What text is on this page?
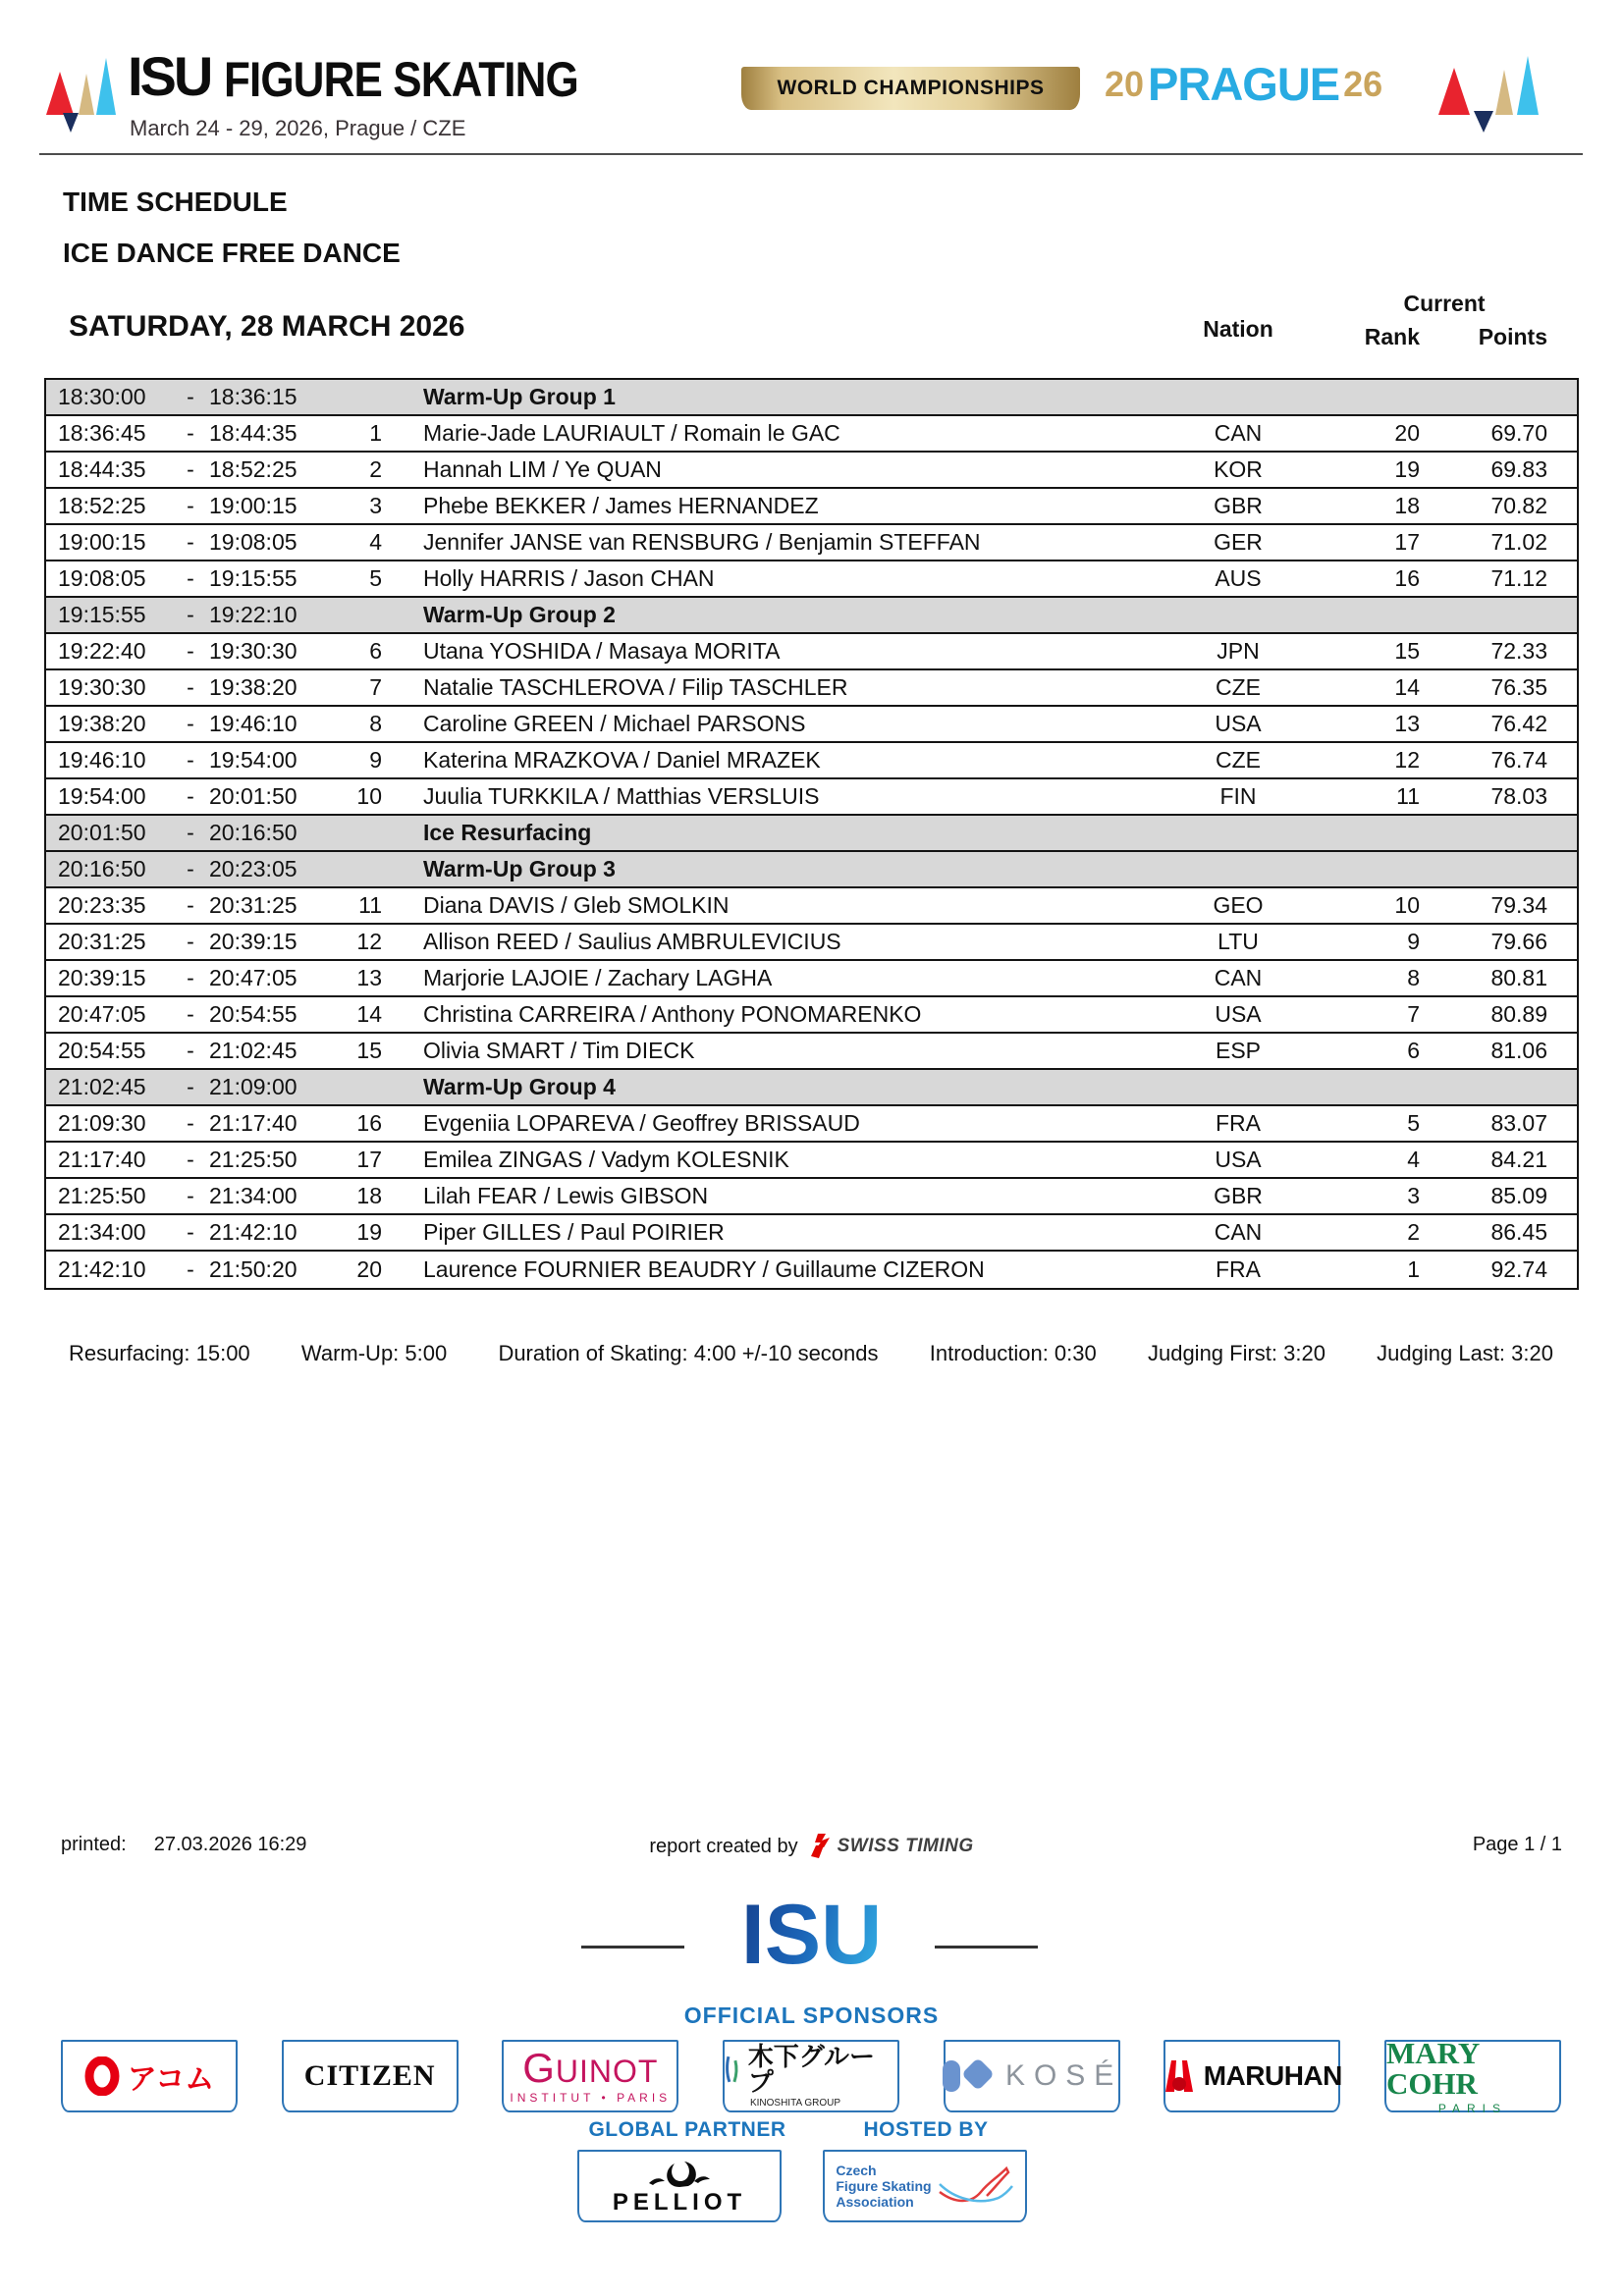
ISU FIGURE SKATING
March 24 - 29, 2026, Prague / CZE
WORLD CHAMPIONSHIPS 20 PRAGUE 26
TIME SCHEDULE
ICE DANCE FREE DANCE
SATURDAY, 28 MARCH 2026	Nation
Current
Rank	Points
18:30:00	- 18:36:15	Warm-Up Group 1
18:36:45	- 18:44:35	1	Marie-Jade LAURIAULT / Romain le GAC	CAN	20	69.70
18:44:35	- 18:52:25	2	Hannah LIM / Ye QUAN	KOR	19	69.83
18:52:25	- 19:00:15	3	Phebe BEKKER / James HERNANDEZ	GBR	18	70.82
19:00:15	- 19:08:05	4	Jennifer JANSE van RENSBURG / Benjamin STEFFAN	GER	17	71.02
19:08:05	- 19:15:55	5	Holly HARRIS / Jason CHAN	AUS	16	71.12
19:15:55	- 19:22:10	Warm-Up Group 2
19:22:40	- 19:30:30	6	Utana YOSHIDA / Masaya MORITA	JPN	15	72.33
19:30:30	- 19:38:20	7	Natalie TASCHLEROVA / Filip TASCHLER	CZE	14	76.35
19:38:20	- 19:46:10	8	Caroline GREEN / Michael PARSONS	USA	13	76.42
19:46:10	- 19:54:00	9	Katerina MRAZKOVA / Daniel MRAZEK	CZE	12	76.74
19:54:00	- 20:01:50	10	Juulia TURKKILA / Matthias VERSLUIS	FIN	11	78.03
20:01:50	- 20:16:50	Ice Resurfacing
20:16:50	- 20:23:05	Warm-Up Group 3
20:23:35	- 20:31:25	11	Diana DAVIS / Gleb SMOLKIN	GEO	10	79.34
20:31:25	- 20:39:15	12	Allison REED / Saulius AMBRULEVICIUS	LTU	9	79.66
20:39:15	- 20:47:05	13	Marjorie LAJOIE / Zachary LAGHA	CAN	8	80.81
20:47:05	- 20:54:55	14	Christina CARREIRA / Anthony PONOMARENKO	USA	7	80.89
20:54:55	- 21:02:45	15	Olivia SMART / Tim DIECK	ESP	6	81.06
21:02:45	- 21:09:00	Warm-Up Group 4
21:09:30	- 21:17:40	16	Evgeniia LOPAREVA / Geoffrey BRISSAUD	FRA	5	83.07
21:17:40	- 21:25:50	17	Emilea ZINGAS / Vadym KOLESNIK	USA	4	84.21
21:25:50	- 21:34:00	18	Lilah FEAR / Lewis GIBSON	GBR	3	85.09
21:34:00	- 21:42:10	19	Piper GILLES / Paul POIRIER	CAN	2	86.45
21:42:10	- 21:50:20	20	Laurence FOURNIER BEAUDRY / Guillaume CIZERON	FRA	1	92.74
Resurfacing: 15:00 Warm-Up: 5:00 Duration of Skating: 4:00 +/-10 seconds Introduction: 0:30 Judging First: 3:20 Judging Last: 3:20
printed: 27.03.2026 16:29	report created by SWISS TIMING	Page 1 / 1
ISU
OFFICIAL SPONSORS
アコム	CITIZEN GUINOT
INSTITUT • PARIS
木下グループ
KINOSHITA GROUP
KOSÉ	MARUHAN
MARY COHR
PARIS
GLOBAL PARTNER
PELLIOT
HOSTED BY
Czech
Figure Skating
Association
